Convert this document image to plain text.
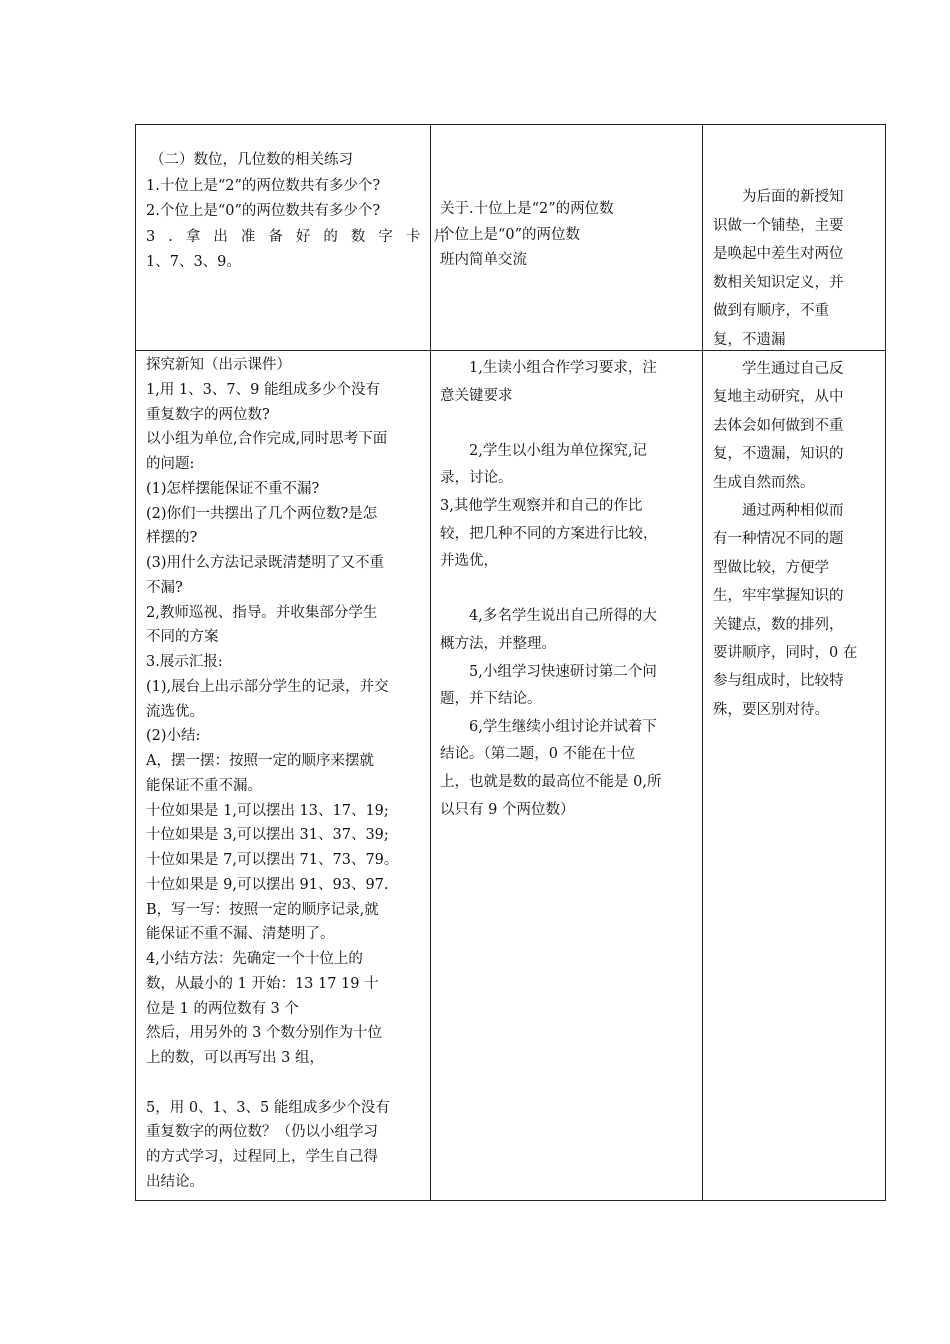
（二）数位，几位数的相关练习

1.十位上是“2”的两位数共有多少个?

2.个位上是“0”的两位数共有多少个?

3.拿出准备好的数字卡片

1、7、3、9。

关于.十位上是“2”的两位数

个位上是“0”的两位数

班内简单交流

为后面的新授知

识做一个铺垫，主要

是唤起中差生对两位

数相关知识定义，并

做到有顺序，不重

复，不遗漏

探究新知（出示课件）

1,用 1、3、7、9 能组成多少个没有

重复数字的两位数?

以小组为单位,合作完成,同时思考下面

的问题:

(1)怎样摆能保证不重不漏?

(2)你们一共摆出了几个两位数?是怎

样摆的?

(3)用什么方法记录既清楚明了又不重

不漏?

2,教师巡视、指导。并收集部分学生

不同的方案

3.展示汇报:

(1),展台上出示部分学生的记录，并交

流选优。

(2)小结:

A，摆一摆：按照一定的顺序来摆就

能保证不重不漏。

十位如果是 1,可以摆出 13、17、19;

十位如果是 3,可以摆出 31、37、39;

十位如果是 7,可以摆出 71、73、79。

十位如果是 9,可以摆出 91、93、97.

B，写一写：按照一定的顺序记录,就

能保证不重不漏、清楚明了。

4,小结方法：先确定一个十位上的

数，从最小的 1 开始：13 17 19 十

位是 1 的两位数有 3 个

然后，用另外的 3 个数分别作为十位

上的数，可以再写出 3 组，

5，用 0、1、3、5 能组成多少个没有

重复数字的两位数？（仍以小组学习

的方式学习，过程同上，学生自己得

出结论。

1,生读小组合作学习要求，注

意关键要求

2,学生以小组为单位探究,记

录，讨论。

3,其他学生观察并和自己的作比

较，把几种不同的方案进行比较，

并选优，

4,多名学生说出自己所得的大

概方法，并整理。

5,小组学习快速研讨第二个问

题，并下结论。

6,学生继续小组讨论并试着下

结论。（第二题，0 不能在十位

上，也就是数的最高位不能是 0,所

以只有 9 个两位数）

学生通过自己反

复地主动研究，从中

去体会如何做到不重

复，不遗漏，知识的

生成自然而然。

通过两种相似而

有一种情况不同的题

型做比较，方便学

生，牢牢掌握知识的

关键点，数的排列，

要讲顺序，同时，0 在

参与组成时，比较特

殊，要区别对待。
